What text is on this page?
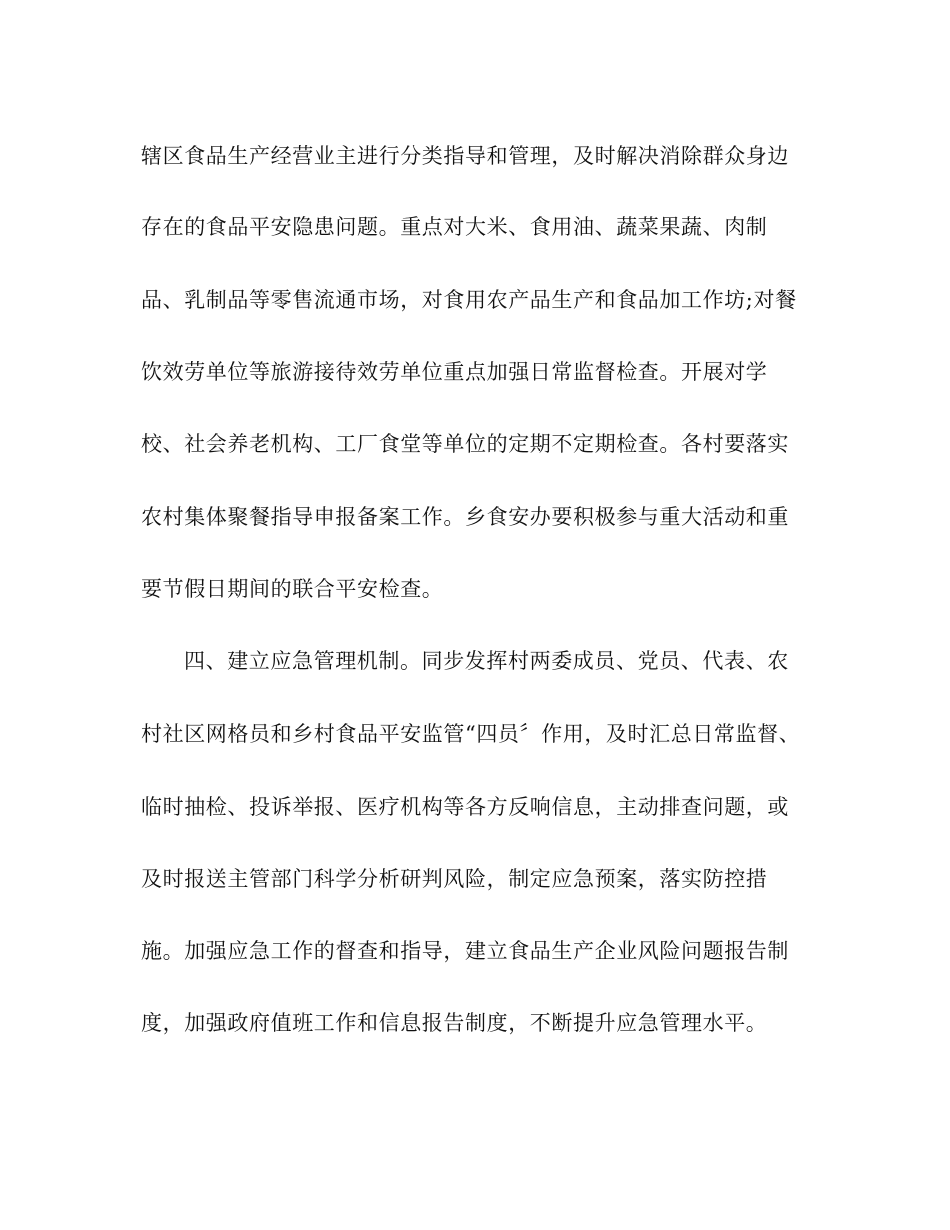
辖区食品生产经营业主进行分类指导和管理，及时解决消除群众身边
存在的食品平安隐患问题。重点对大米、食用油、蔬菜果蔬、肉制
品、乳制品等零售流通市场，对食用农产品生产和食品加工作坊;对餐
饮效劳单位等旅游接待效劳单位重点加强日常监督检查。开展对学
校、社会养老机构、工厂食堂等单位的定期不定期检查。各村要落实
农村集体聚餐指导申报备案工作。乡食安办要积极参与重大活动和重
要节假日期间的联合平安检查。
四、建立应急管理机制。同步发挥村两委成员、党员、代表、农
村社区网格员和乡村食品平安监管“四员〞作用，及时汇总日常监督、
临时抽检、投诉举报、医疗机构等各方反响信息，主动排查问题，或
及时报送主管部门科学分析研判风险，制定应急预案，落实防控措
施。加强应急工作的督查和指导，建立食品生产企业风险问题报告制
度，加强政府值班工作和信息报告制度，不断提升应急管理水平。
